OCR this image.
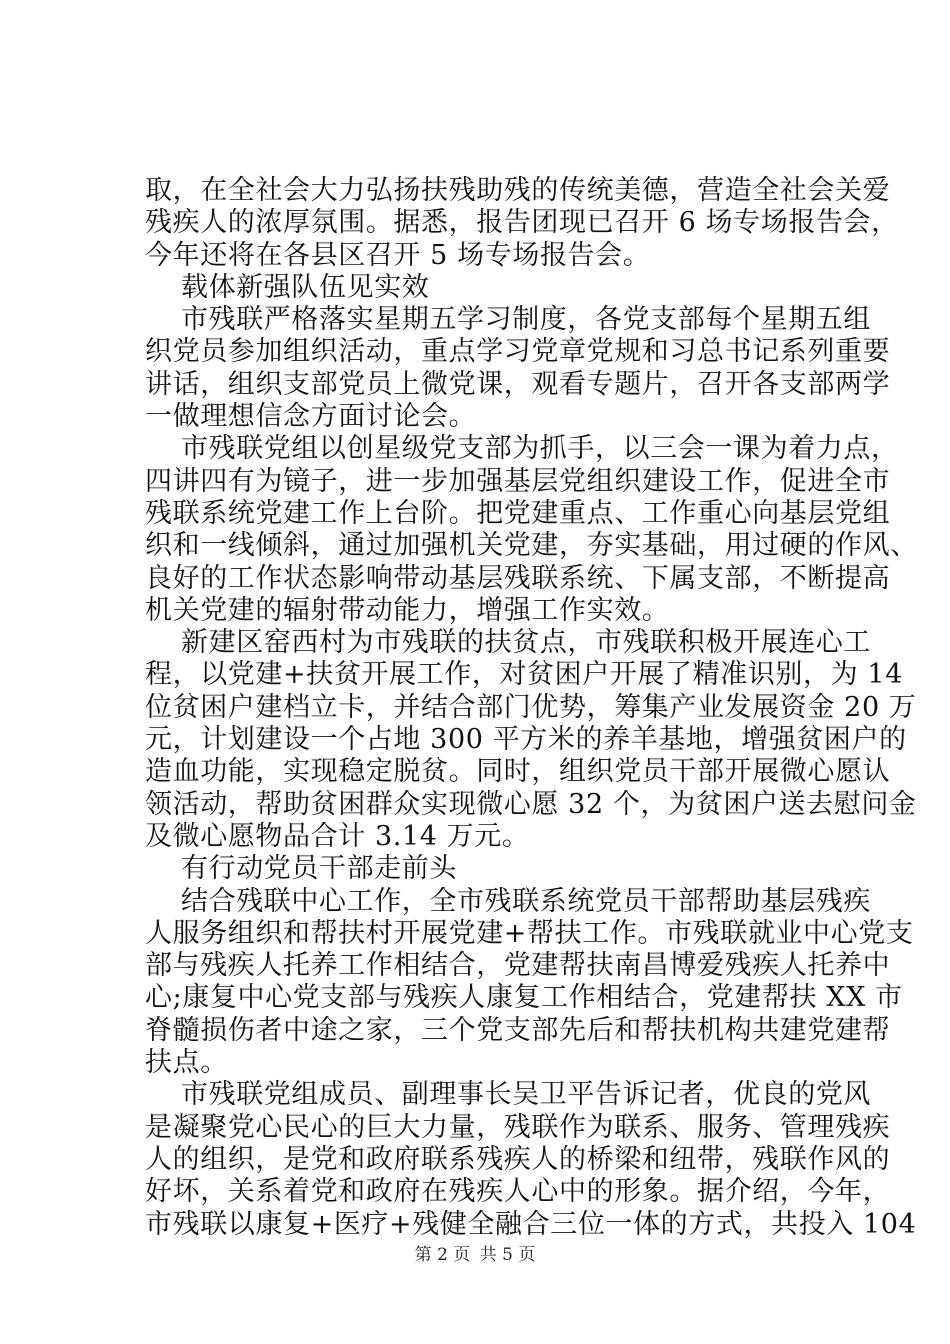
取，在全社会大力弘扬扶残助残的传统美德，营造全社会关爱
残疾人的浓厚氛围。据悉，报告团现已召开 6 场专场报告会，
今年还将在各县区召开 5 场专场报告会。
载体新强队伍见实效
市残联严格落实星期五学习制度，各党支部每个星期五组
织党员参加组织活动，重点学习党章党规和习总书记系列重要
讲话，组织支部党员上微党课，观看专题片，召开各支部两学
一做理想信念方面讨论会。
市残联党组以创星级党支部为抓手，以三会一课为着力点，
四讲四有为镜子，进一步加强基层党组织建设工作，促进全市
残联系统党建工作上台阶。把党建重点、工作重心向基层党组
织和一线倾斜，通过加强机关党建，夯实基础，用过硬的作风、
良好的工作状态影响带动基层残联系统、下属支部，不断提高
机关党建的辐射带动能力，增强工作实效。
新建区窑西村为市残联的扶贫点，市残联积极开展连心工
程，以党建+扶贫开展工作，对贫困户开展了精准识别，为 14
位贫困户建档立卡，并结合部门优势，筹集产业发展资金 20 万
元，计划建设一个占地 300 平方米的养羊基地，增强贫困户的
造血功能，实现稳定脱贫。同时，组织党员干部开展微心愿认
领活动，帮助贫困群众实现微心愿 32 个，为贫困户送去慰问金
及微心愿物品合计 3.14 万元。
有行动党员干部走前头
结合残联中心工作，全市残联系统党员干部帮助基层残疾
人服务组织和帮扶村开展党建+帮扶工作。市残联就业中心党支
部与残疾人托养工作相结合，党建帮扶南昌博爱残疾人托养中
心;康复中心党支部与残疾人康复工作相结合，党建帮扶 XX 市
脊髓损伤者中途之家，三个党支部先后和帮扶机构共建党建帮
扶点。
市残联党组成员、副理事长吴卫平告诉记者，优良的党风
是凝聚党心民心的巨大力量，残联作为联系、服务、管理残疾
人的组织，是党和政府联系残疾人的桥梁和纽带，残联作风的
好坏，关系着党和政府在残疾人心中的形象。据介绍，今年，
市残联以康复+医疗+残健全融合三位一体的方式，共投入 104
第 2 页 共 5 页
